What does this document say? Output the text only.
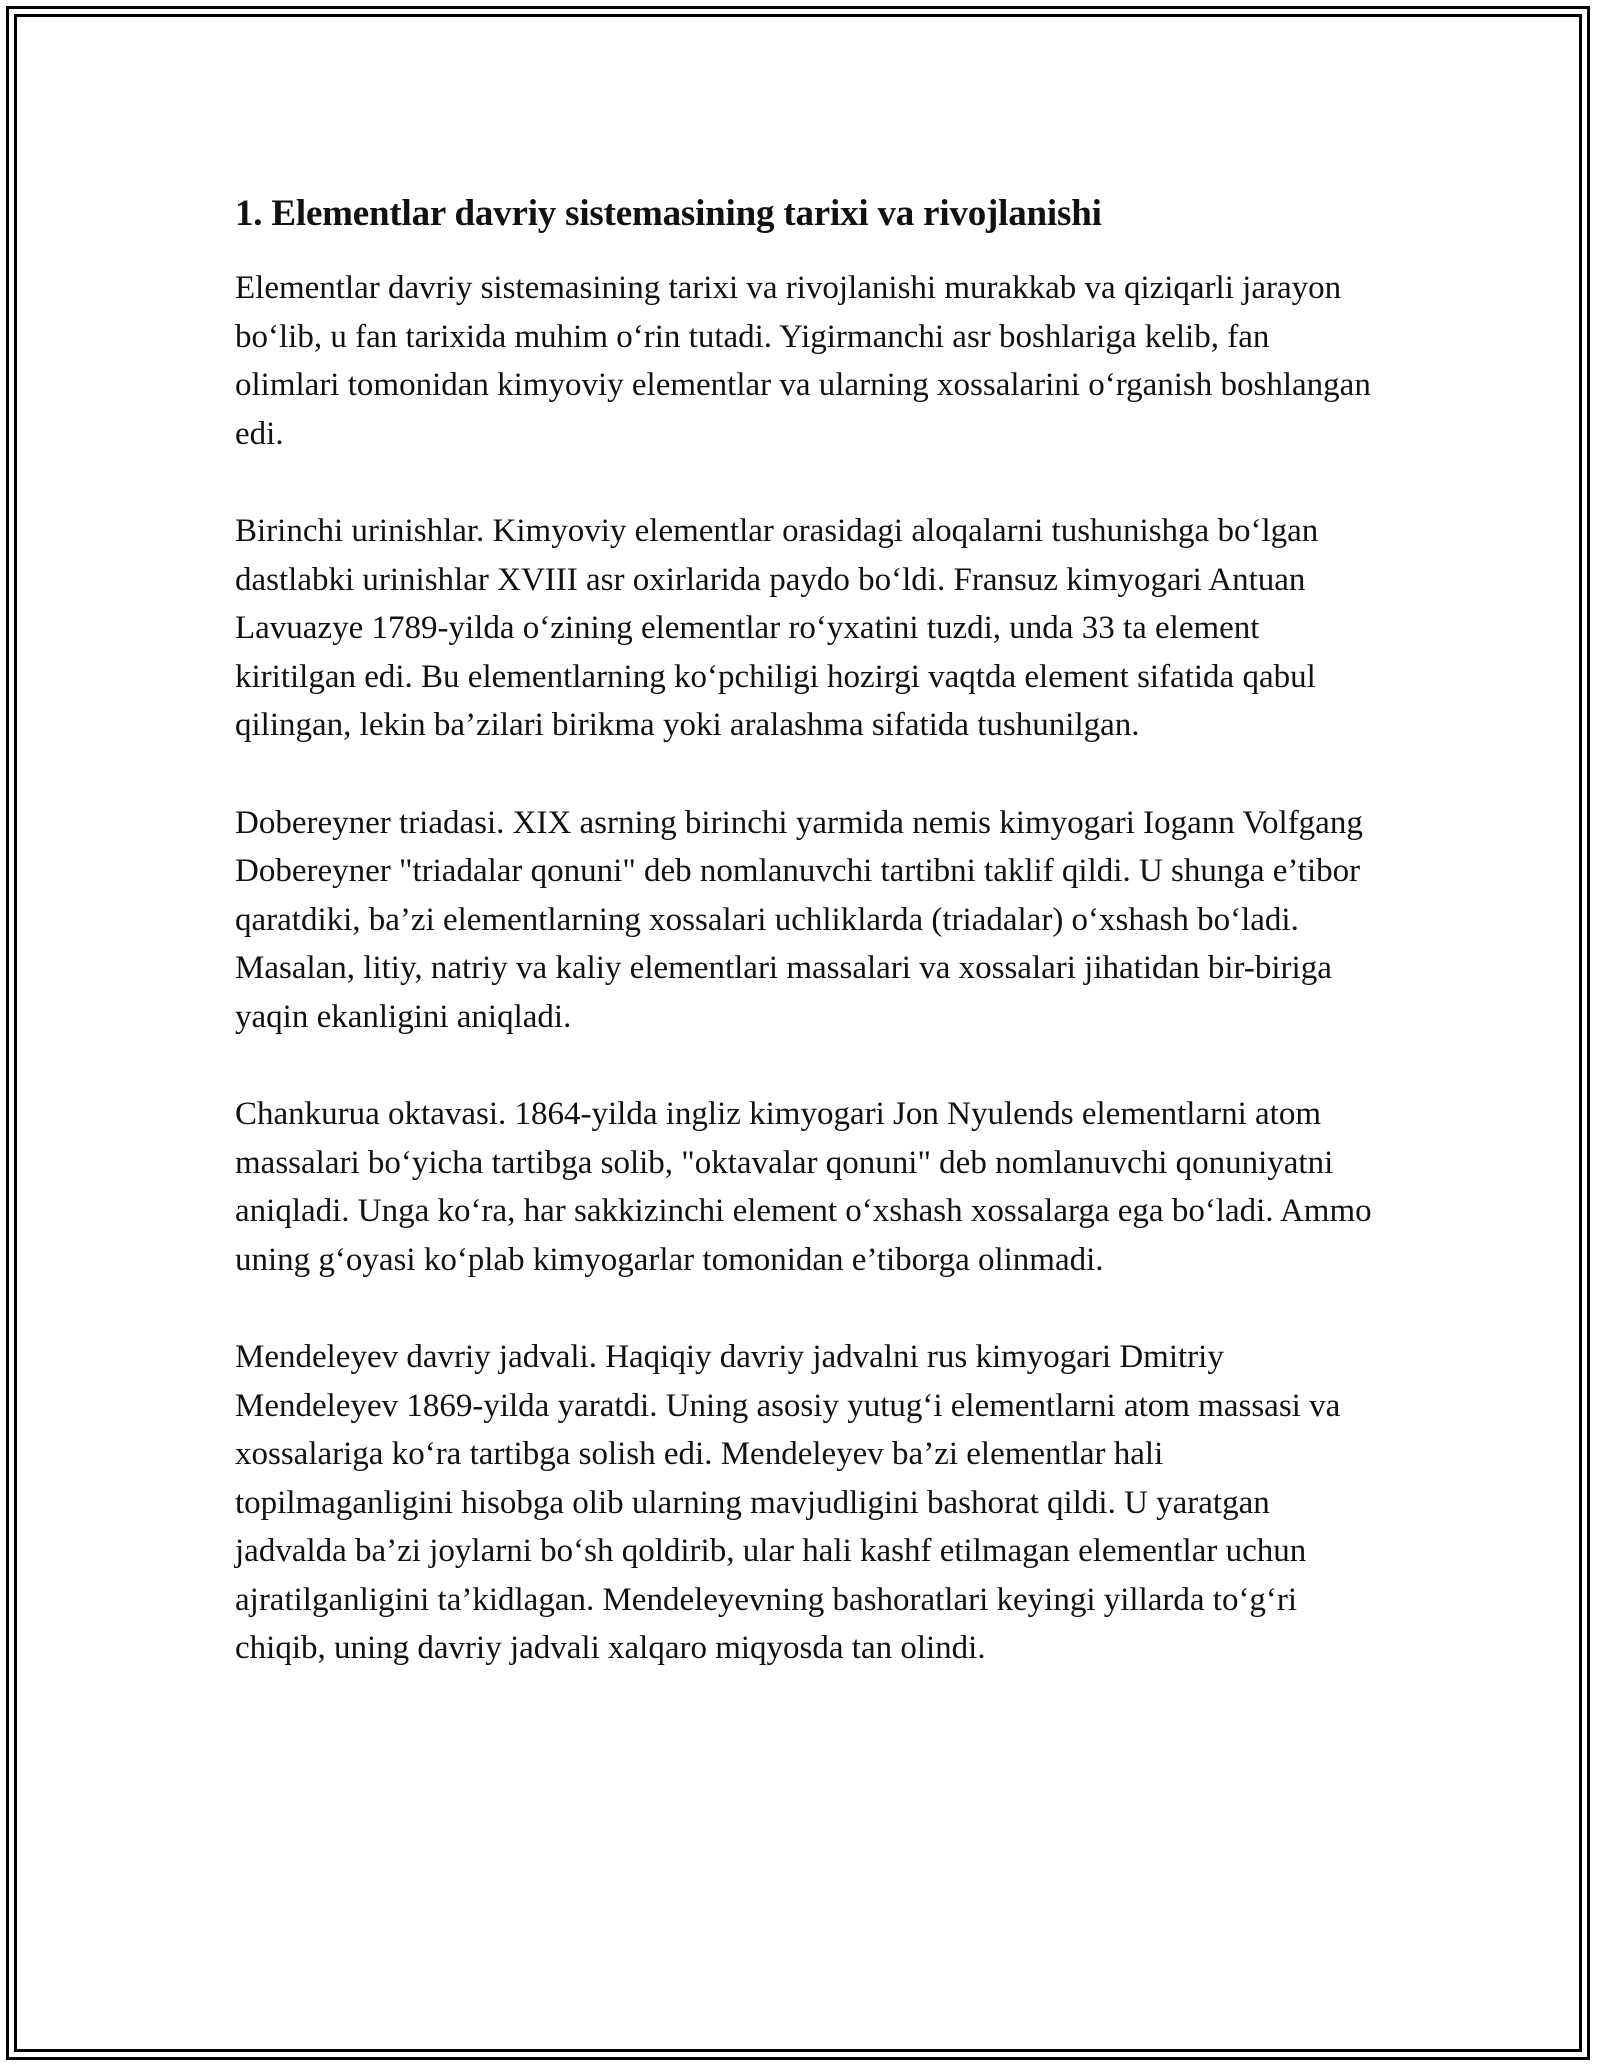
1. Elementlar davriy sistemasining tarixi va rivojlanishi

Elementlar davriy sistemasining tarixi va rivojlanishi murakkab va qiziqarli jarayon bo‘lib, u fan tarixida muhim o‘rin tutadi. Yigirmanchi asr boshlariga kelib, fan olimlari tomonidan kimyoviy elementlar va ularning xossalarini o‘rganish boshlangan edi.

Birinchi urinishlar. Kimyoviy elementlar orasidagi aloqalarni tushunishga bo‘lgan dastlabki urinishlar XVIII asr oxirlarida paydo bo‘ldi. Fransuz kimyogari Antuan Lavuazye 1789-yilda o‘zining elementlar ro‘yxatini tuzdi, unda 33 ta element kiritilgan edi. Bu elementlarning ko‘pchiligi hozirgi vaqtda element sifatida qabul qilingan, lekin ba’zilari birikma yoki aralashma sifatida tushunilgan.

Dobereyner triadasi. XIX asrning birinchi yarmida nemis kimyogari Iogann Volfgang Dobereyner "triadalar qonuni" deb nomlanuvchi tartibni taklif qildi. U shunga e’tibor qaratdiki, ba’zi elementlarning xossalari uchliklarda (triadalar) o‘xshash bo‘ladi. Masalan, litiy, natriy va kaliy elementlari massalari va xossalari jihatidan bir-biriga yaqin ekanligini aniqladi.

Chankurua oktavasi. 1864-yilda ingliz kimyogari Jon Nyulends elementlarni atom massalari bo‘yicha tartibga solib, "oktavalar qonuni" deb nomlanuvchi qonuniyatni aniqladi. Unga ko‘ra, har sakkizinchi element o‘xshash xossalarga ega bo‘ladi. Ammo uning g‘oyasi ko‘plab kimyogarlar tomonidan e’tiborga olinmadi.

Mendeleyev davriy jadvali. Haqiqiy davriy jadvalni rus kimyogari Dmitriy Mendeleyev 1869-yilda yaratdi. Uning asosiy yutug‘i elementlarni atom massasi va xossalariga ko‘ra tartibga solish edi. Mendeleyev ba’zi elementlar hali topilmaganligini hisobga olib ularning mavjudligini bashorat qildi. U yaratgan jadvalda ba’zi joylarni bo‘sh qoldirib, ular hali kashf etilmagan elementlar uchun ajratilganligini ta’kidlagan. Mendeleyevning bashoratlari keyingi yillarda to‘g‘ri chiqib, uning davriy jadvali xalqaro miqyosda tan olindi.
